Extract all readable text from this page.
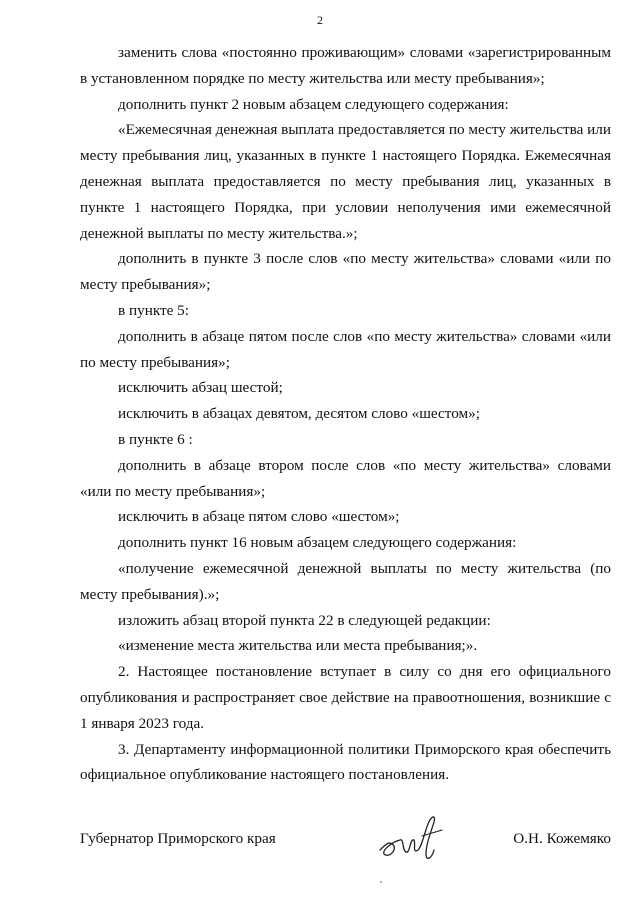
2

заменить слова «постоянно проживающим» словами «зарегистрированным в установленном порядке по месту жительства или месту пребывания»;

дополнить пункт 2 новым абзацем следующего содержания:

«Ежемесячная денежная выплата предоставляется по месту жительства или месту пребывания лиц, указанных в пункте 1 настоящего Порядка. Ежемесячная денежная выплата предоставляется по месту пребывания лиц, указанных в пункте 1 настоящего Порядка, при условии неполучения ими ежемесячной денежной выплаты по месту жительства.»;

дополнить в пункте 3 после слов «по месту жительства» словами «или по месту пребывания»;

в пункте 5:

дополнить в абзаце пятом после слов «по месту жительства» словами «или по месту пребывания»;

исключить абзац шестой;

исключить в абзацах девятом, десятом слово «шестом»;

в пункте 6 :

дополнить в абзаце втором после слов «по месту жительства» словами «или по месту пребывания»;

исключить в абзаце пятом слово «шестом»;

дополнить пункт 16 новым абзацем следующего содержания:

«получение ежемесячной денежной выплаты по месту жительства (по месту пребывания).»;

изложить абзац второй пункта 22 в следующей редакции:

«изменение места жительства или места пребывания;».

2. Настоящее постановление вступает в силу со дня его официального опубликования и распространяет свое действие на правоотношения, возникшие с 1 января 2023 года.

3. Департаменту информационной политики Приморского края обеспечить официальное опубликование настоящего постановления.

Губернатор Приморского края	О.Н. Кожемяко
